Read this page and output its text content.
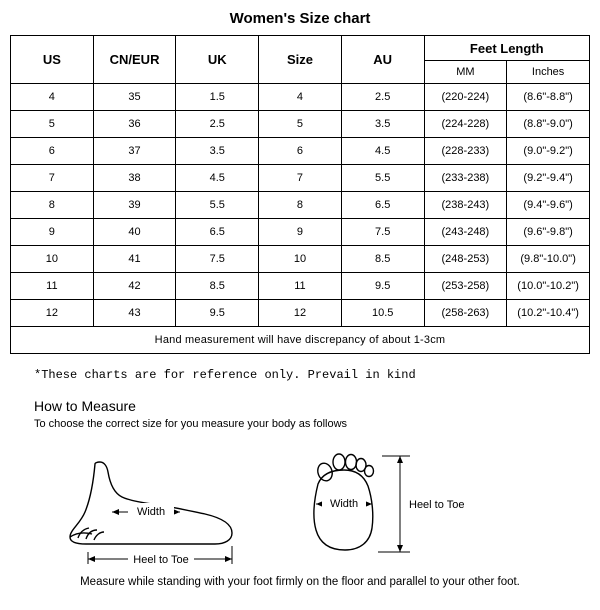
Women's Size chart
US	CN/EUR	UK	Size	AU	Feet Length	
					MM	Inches
4	35	1.5	4	2.5	(220-224)	(8.6"-8.8")
5	36	2.5	5	3.5	(224-228)	(8.8"-9.0")
6	37	3.5	6	4.5	(228-233)	(9.0"-9.2")
7	38	4.5	7	5.5	(233-238)	(9.2"-9.4")
8	39	5.5	8	6.5	(238-243)	(9.4"-9.6")
9	40	6.5	9	7.5	(243-248)	(9.6"-9.8")
10	41	7.5	10	8.5	(248-253)	(9.8"-10.0")
11	42	8.5	11	9.5	(253-258)	(10.0"-10.2")
12	43	9.5	12	10.5	(258-263)	(10.2"-10.4")
Hand measurement will have discrepancy of about 1-3cm						
*These charts are for reference only. Prevail in kind
How to Measure
To choose the correct size for you measure your body as follows
Width
Heel to Toe
Width	Heel to Toe
Measure while standing with your foot firmly on the floor and parallel to your other foot.
